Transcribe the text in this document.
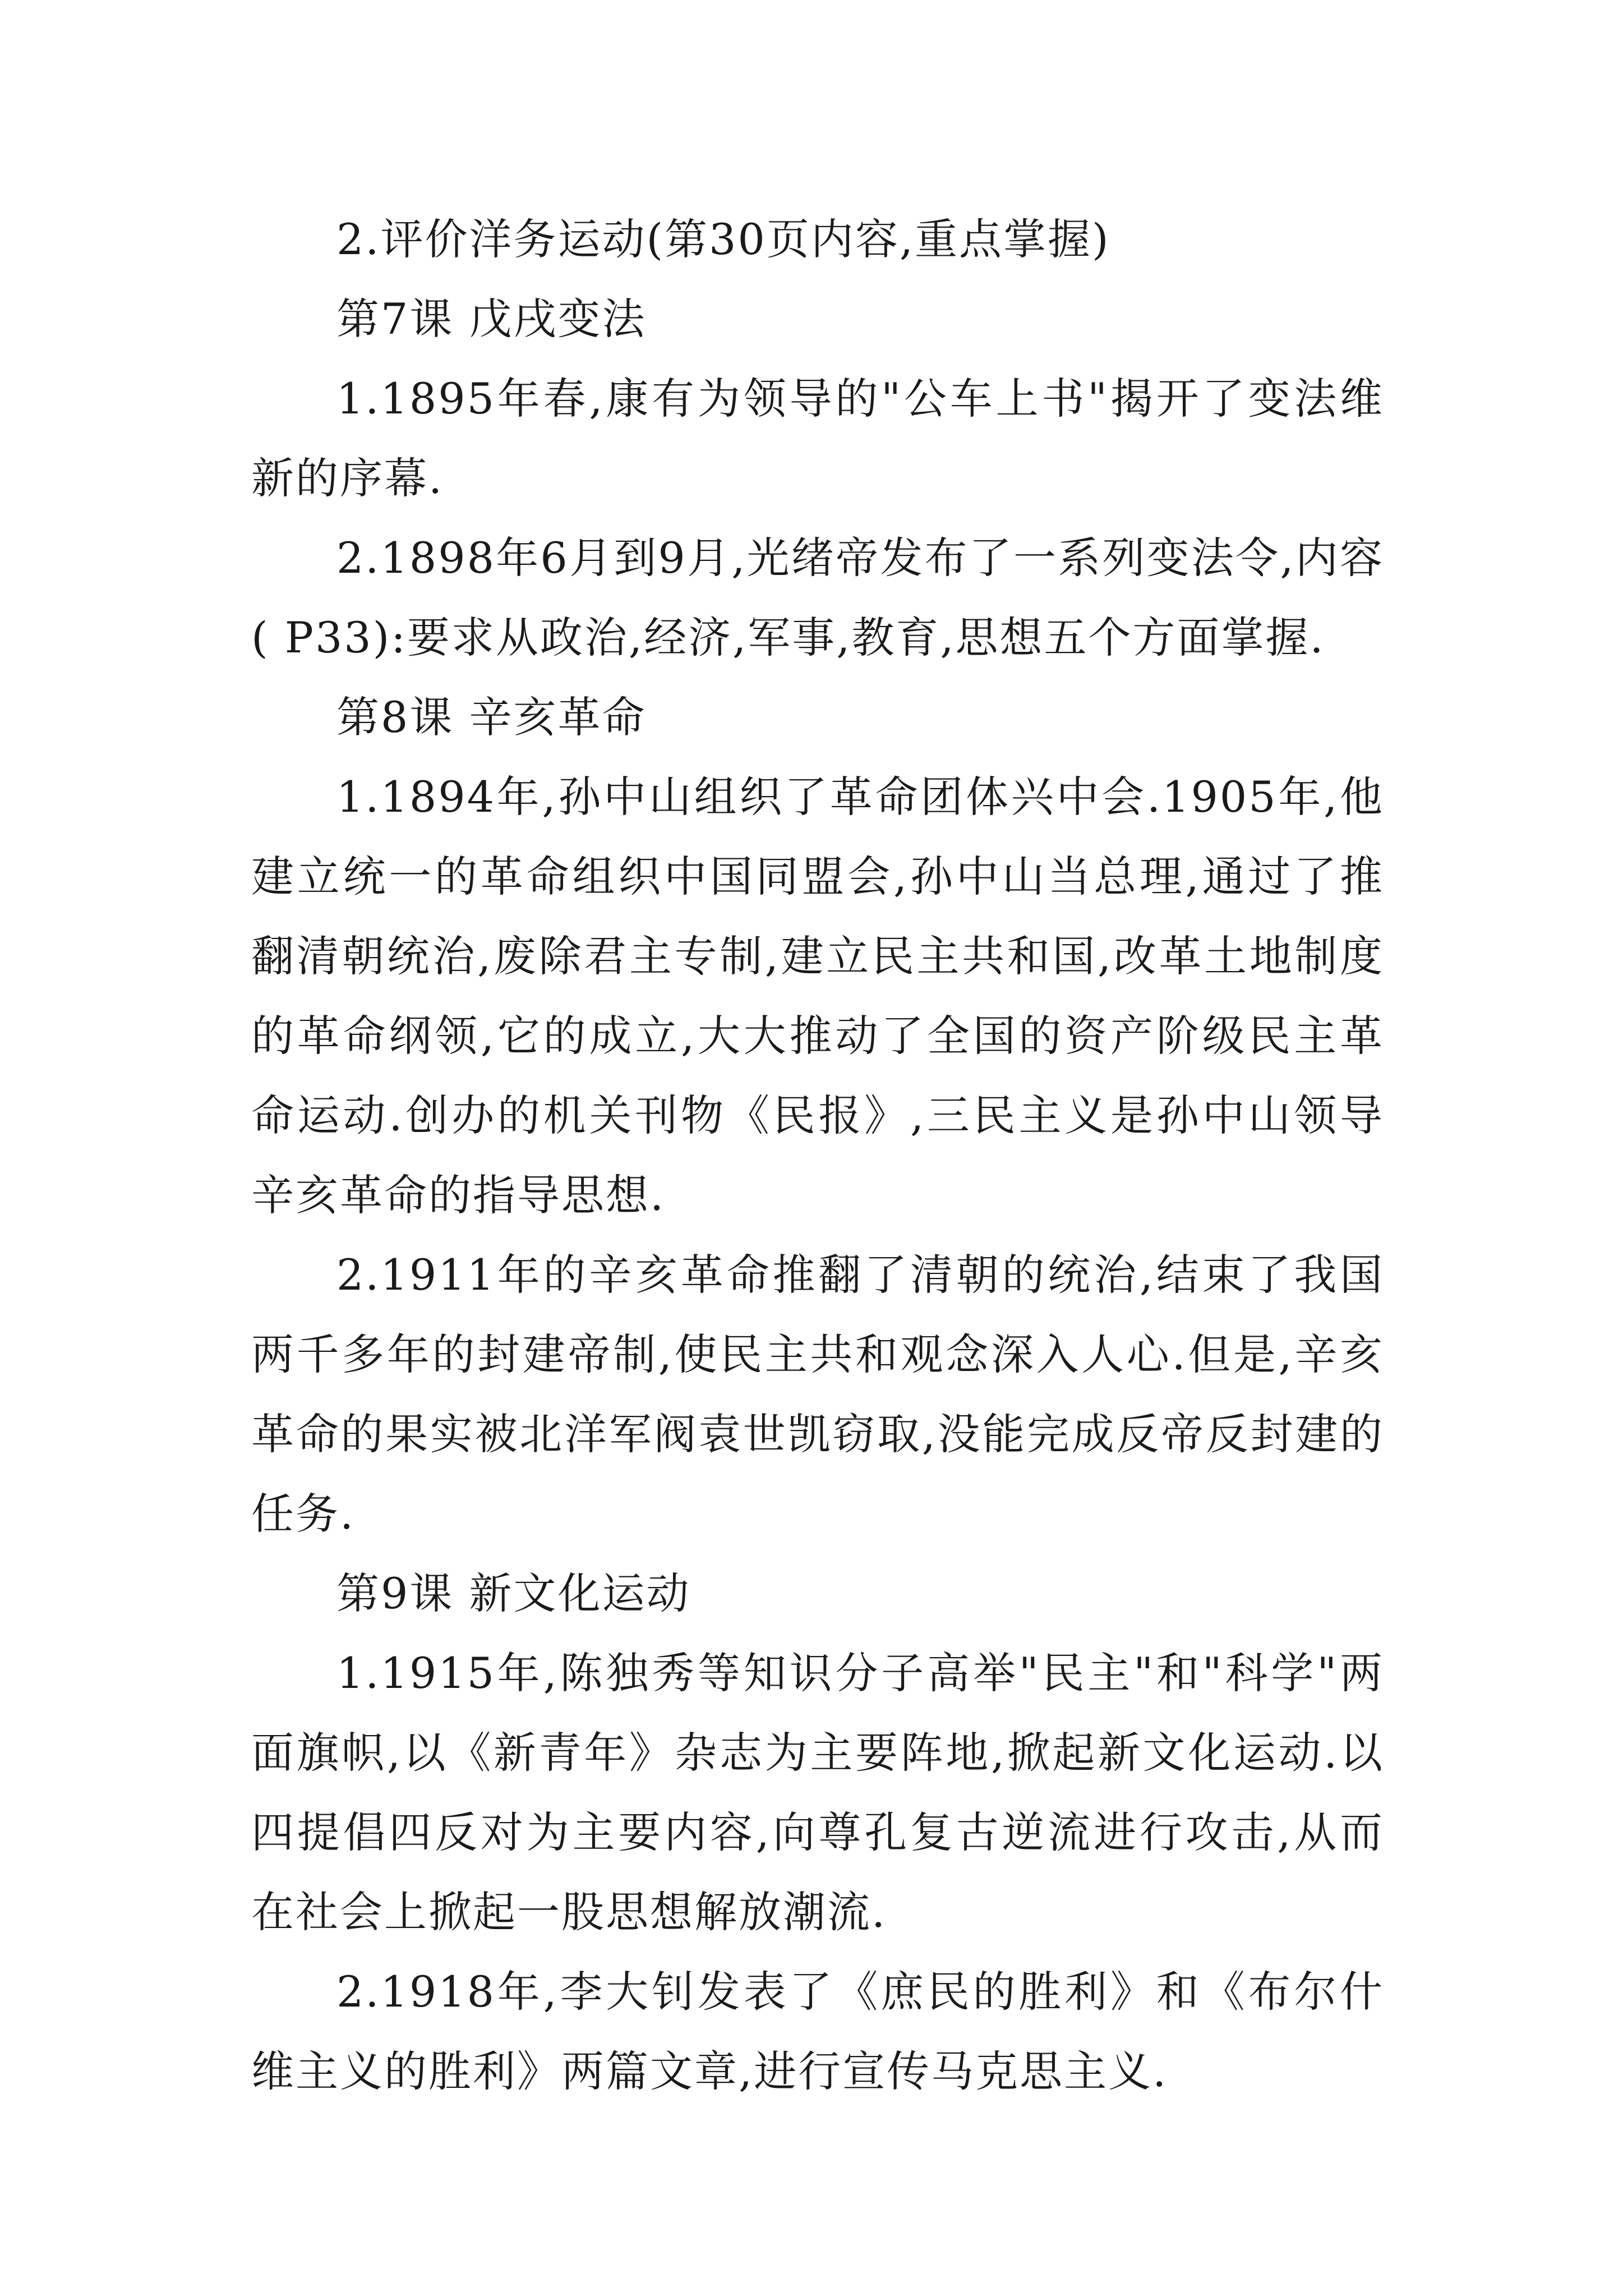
2.评价洋务运动(第30页内容,重点掌握)

第7课 戊戌变法

1.1895年春,康有为领导的"公车上书"揭开了变法维新的序幕.

2.1898年6月到9月,光绪帝发布了一系列变法令,内容( P33):要求从政治,经济,军事,教育,思想五个方面掌握.

第8课 辛亥革命

1.1894年,孙中山组织了革命团体兴中会.1905年,他建立统一的革命组织中国同盟会,孙中山当总理,通过了推翻清朝统治,废除君主专制,建立民主共和国,改革土地制度的革命纲领,它的成立,大大推动了全国的资产阶级民主革命运动.创办的机关刊物《民报》,三民主义是孙中山领导辛亥革命的指导思想.

2.1911年的辛亥革命推翻了清朝的统治,结束了我国两千多年的封建帝制,使民主共和观念深入人心.但是,辛亥革命的果实被北洋军阀袁世凯窃取,没能完成反帝反封建的任务.

第9课 新文化运动

1.1915年,陈独秀等知识分子高举"民主"和"科学"两面旗帜,以《新青年》杂志为主要阵地,掀起新文化运动.以四提倡四反对为主要内容,向尊孔复古逆流进行攻击,从而在社会上掀起一股思想解放潮流.

2.1918年,李大钊发表了《庶民的胜利》和《布尔什维主义的胜利》两篇文章,进行宣传马克思主义.
